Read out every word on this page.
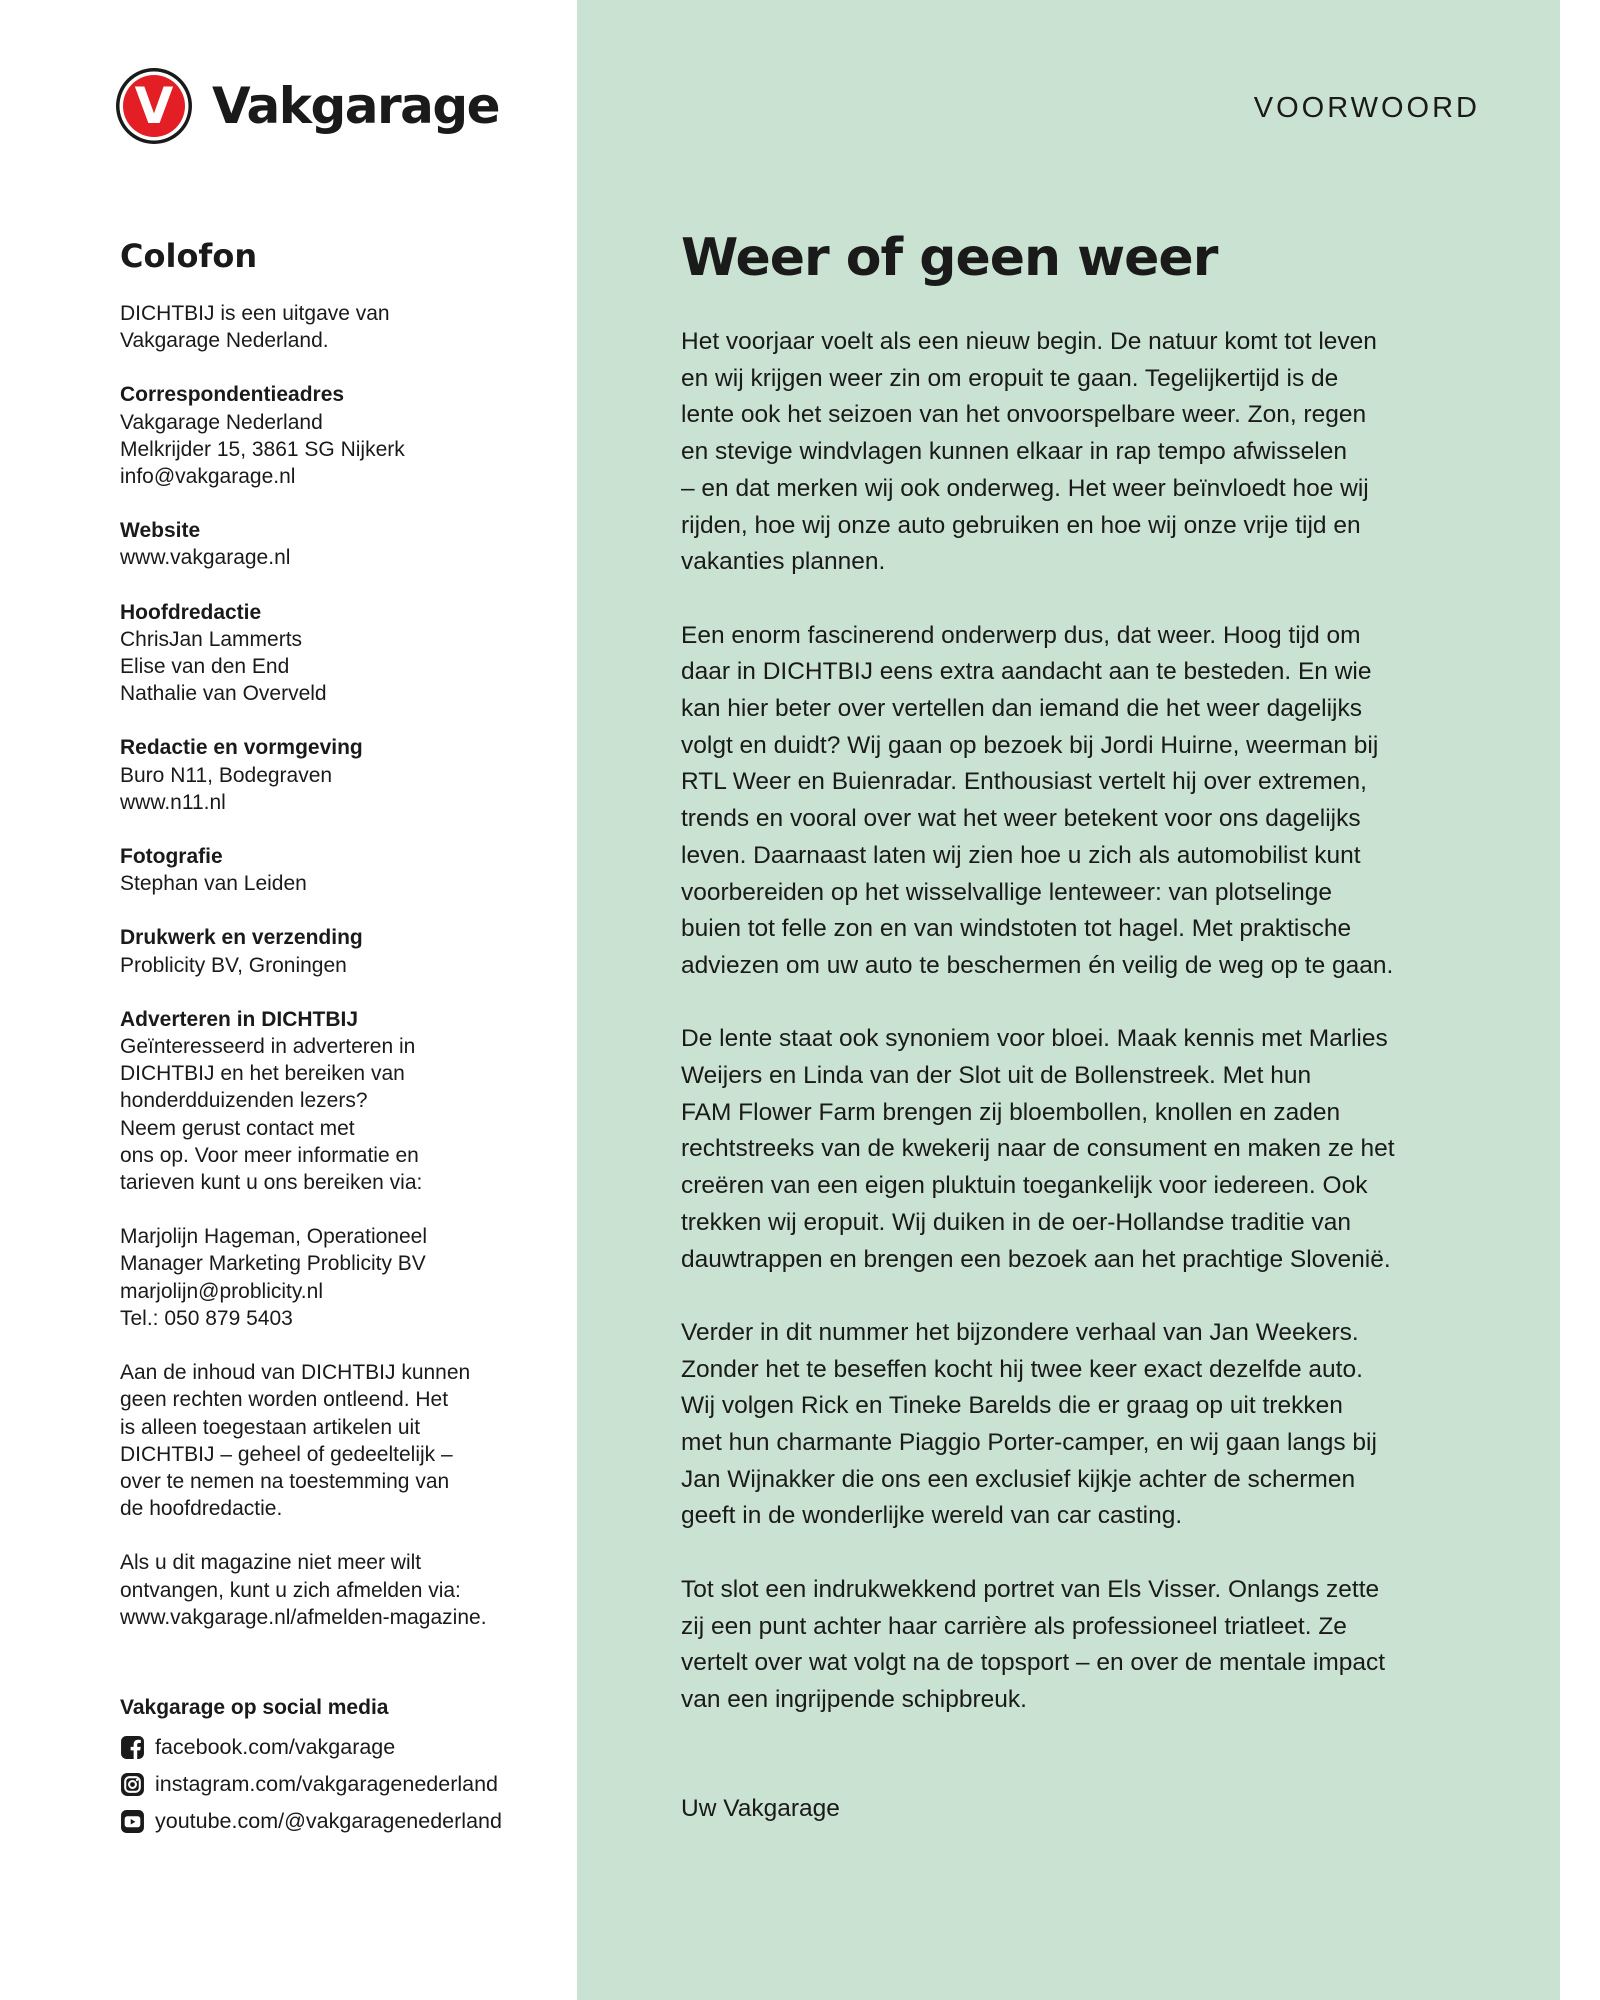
V Vakgarage
Colofon
DICHTBIJ is een uitgave van
Vakgarage Nederland.
Correspondentieadres
Vakgarage Nederland
Melkrijder 15, 3861 SG Nijkerk
info@vakgarage.nl
Website
www.vakgarage.nl
Hoofdredactie
ChrisJan Lammerts
Elise van den End
Nathalie van Overveld
Redactie en vormgeving
Buro N11, Bodegraven
www.n11.nl
Fotografie
Stephan van Leiden
Drukwerk en verzending
Problicity BV, Groningen
Adverteren in DICHTBIJ
Geïnteresseerd in adverteren in
DICHTBIJ en het bereiken van
honderdduizenden lezers?
Neem gerust contact met
ons op. Voor meer informatie en
tarieven kunt u ons bereiken via:
Marjolijn Hageman, Operationeel
Manager Marketing Problicity BV
marjolijn@problicity.nl
Tel.: 050 879 5403
Aan de inhoud van DICHTBIJ kunnen
geen rechten worden ontleend. Het
is alleen toegestaan artikelen uit
DICHTBIJ – geheel of gedeeltelijk –
over te nemen na toestemming van
de hoofdredactie.
Als u dit magazine niet meer wilt
ontvangen, kunt u zich afmelden via:
www.vakgarage.nl/afmelden-magazine.
Vakgarage op social media
facebook.com/vakgarage
instagram.com/vakgaragenederland
youtube.com/@vakgaragenederland
VOORWOORD
Weer of geen weer

Het voorjaar voelt als een nieuw begin. De natuur komt tot leven
en wij krijgen weer zin om eropuit te gaan. Tegelijkertijd is de
lente ook het seizoen van het onvoorspelbare weer. Zon, regen
en stevige windvlagen kunnen elkaar in rap tempo afwisselen
– en dat merken wij ook onderweg. Het weer beïnvloedt hoe wij
rijden, hoe wij onze auto gebruiken en hoe wij onze vrije tijd en
vakanties plannen.

Een enorm fascinerend onderwerp dus, dat weer. Hoog tijd om
daar in DICHTBIJ eens extra aandacht aan te besteden. En wie
kan hier beter over vertellen dan iemand die het weer dagelijks
volgt en duidt? Wij gaan op bezoek bij Jordi Huirne, weerman bij
RTL Weer en Buienradar. Enthousiast vertelt hij over extremen,
trends en vooral over wat het weer betekent voor ons dagelijks
leven. Daarnaast laten wij zien hoe u zich als automobilist kunt
voorbereiden op het wisselvallige lenteweer: van plotselinge
buien tot felle zon en van windstoten tot hagel. Met praktische
adviezen om uw auto te beschermen én veilig de weg op te gaan.

De lente staat ook synoniem voor bloei. Maak kennis met Marlies
Weijers en Linda van der Slot uit de Bollenstreek. Met hun
FAM Flower Farm brengen zij bloembollen, knollen en zaden
rechtstreeks van de kwekerij naar de consument en maken ze het
creëren van een eigen pluktuin toegankelijk voor iedereen. Ook
trekken wij eropuit. Wij duiken in de oer-Hollandse traditie van
dauwtrappen en brengen een bezoek aan het prachtige Slovenië.

Verder in dit nummer het bijzondere verhaal van Jan Weekers.
Zonder het te beseffen kocht hij twee keer exact dezelfde auto.
Wij volgen Rick en Tineke Barelds die er graag op uit trekken
met hun charmante Piaggio Porter-camper, en wij gaan langs bij
Jan Wijnakker die ons een exclusief kijkje achter de schermen
geeft in de wonderlijke wereld van car casting.

Tot slot een indrukwekkend portret van Els Visser. Onlangs zette
zij een punt achter haar carrière als professioneel triatleet. Ze
vertelt over wat volgt na de topsport – en over de mentale impact
van een ingrijpende schipbreuk.

Uw Vakgarage
